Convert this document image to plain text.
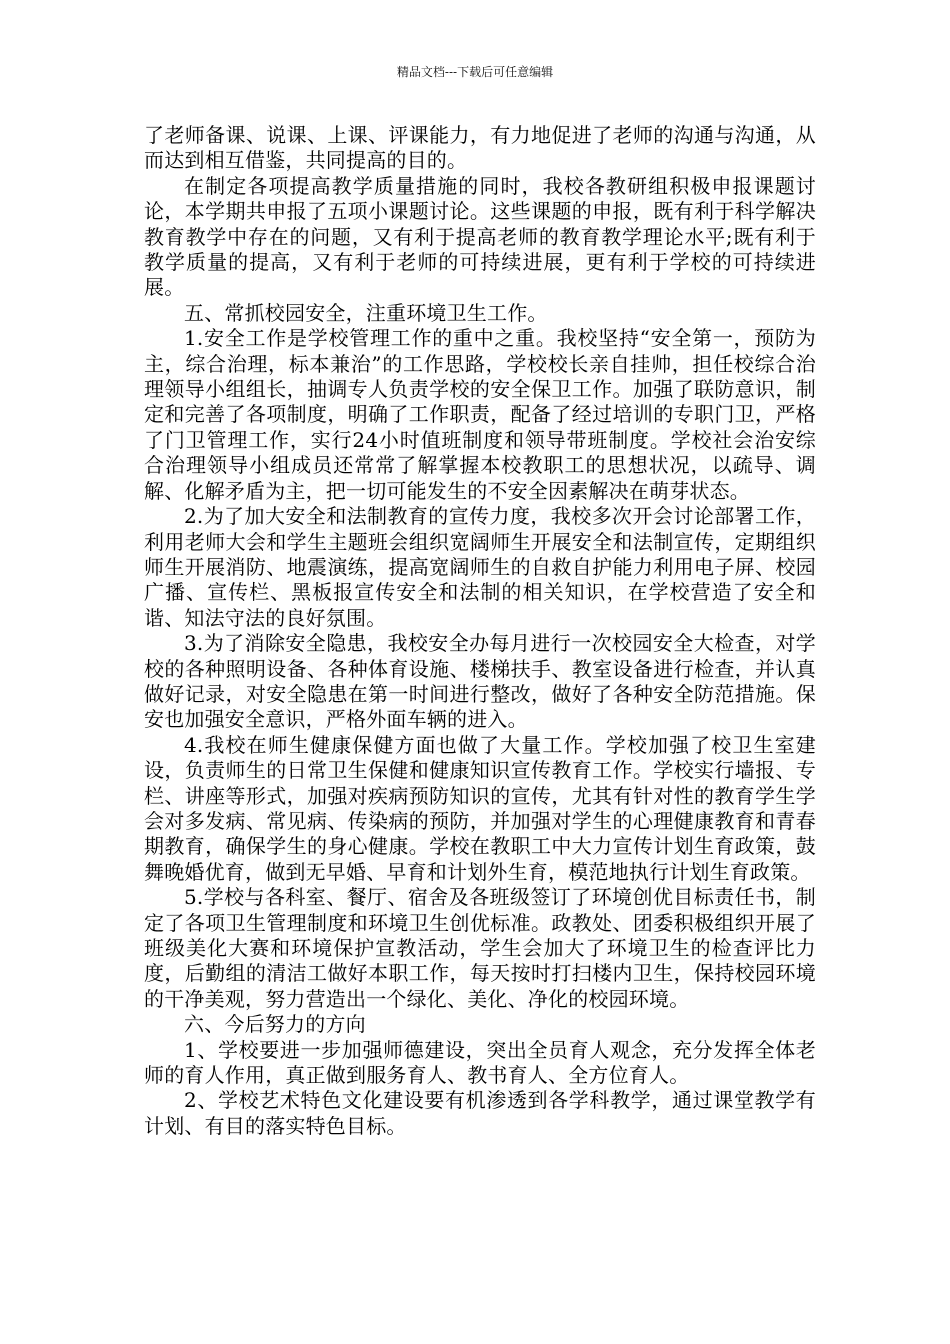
精品文档---下载后可任意编辑

了老师备课、说课、上课、评课能力，有力地促进了老师的沟通与沟通，从而达到相互借鉴，共同提高的目的。

在制定各项提高教学质量措施的同时，我校各教研组积极申报课题讨论，本学期共申报了五项小课题讨论。这些课题的申报，既有利于科学解决教育教学中存在的问题，又有利于提高老师的教育教学理论水平;既有利于教学质量的提高，又有利于老师的可持续进展，更有利于学校的可持续进展。

五、常抓校园安全，注重环境卫生工作。

1.安全工作是学校管理工作的重中之重。我校坚持“安全第一，预防为主，综合治理，标本兼治”的工作思路，学校校长亲自挂帅，担任校综合治理领导小组组长，抽调专人负责学校的安全保卫工作。加强了联防意识，制定和完善了各项制度，明确了工作职责，配备了经过培训的专职门卫，严格了门卫管理工作，实行24小时值班制度和领导带班制度。学校社会治安综合治理领导小组成员还常常了解掌握本校教职工的思想状况，以疏导、调解、化解矛盾为主，把一切可能发生的不安全因素解决在萌芽状态。

2.为了加大安全和法制教育的宣传力度，我校多次开会讨论部署工作，利用老师大会和学生主题班会组织宽阔师生开展安全和法制宣传，定期组织师生开展消防、地震演练，提高宽阔师生的自救自护能力利用电子屏、校园广播、宣传栏、黑板报宣传安全和法制的相关知识，在学校营造了安全和谐、知法守法的良好氛围。

3.为了消除安全隐患，我校安全办每月进行一次校园安全大检查，对学校的各种照明设备、各种体育设施、楼梯扶手、教室设备进行检查，并认真做好记录，对安全隐患在第一时间进行整改，做好了各种安全防范措施。保安也加强安全意识，严格外面车辆的进入。

4.我校在师生健康保健方面也做了大量工作。学校加强了校卫生室建设，负责师生的日常卫生保健和健康知识宣传教育工作。学校实行墙报、专栏、讲座等形式，加强对疾病预防知识的宣传，尤其有针对性的教育学生学会对多发病、常见病、传染病的预防，并加强对学生的心理健康教育和青春期教育，确保学生的身心健康。学校在教职工中大力宣传计划生育政策，鼓舞晚婚优育，做到无早婚、早育和计划外生育，模范地执行计划生育政策。

5.学校与各科室、餐厅、宿舍及各班级签订了环境创优目标责任书，制定了各项卫生管理制度和环境卫生创优标准。政教处、团委积极组织开展了班级美化大赛和环境保护宣教活动，学生会加大了环境卫生的检查评比力度，后勤组的清洁工做好本职工作，每天按时打扫楼内卫生，保持校园环境的干净美观，努力营造出一个绿化、美化、净化的校园环境。

六、今后努力的方向

1、学校要进一步加强师德建设，突出全员育人观念，充分发挥全体老师的育人作用，真正做到服务育人、教书育人、全方位育人。

2、学校艺术特色文化建设要有机渗透到各学科教学，通过课堂教学有计划、有目的落实特色目标。
